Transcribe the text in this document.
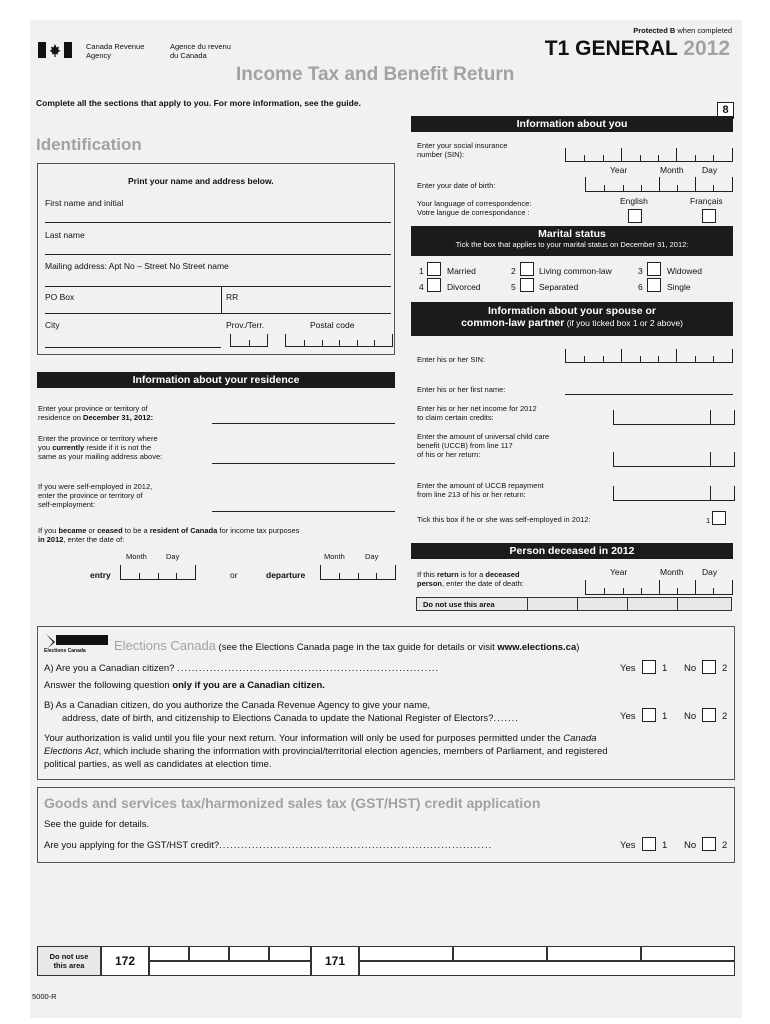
Protected B when completed
Canada Revenue
Agency
Agence du revenu
du Canada	T1 GENERAL 2012
Income Tax and Benefit Return
Complete all the sections that apply to you. For more information, see the guide.
8
Identification
Print your name and address below.
First name and initial
Last name
Mailing address: Apt No – Street No Street name
PO Box	RR
City	Prov./Terr.	Postal code
Information about your residence
Enter your province or territory of
residence on December 31, 2012:
Enter the province or territory where
you currently reside if it is not the
same as your mailing address above:
If you were self-employed in 2012,
enter the province or territory of
self-employment:
If you became or ceased to be a resident of Canada for income tax purposes
in 2012, enter the date of:
Month	Day	Month	Day
entry	or	departure
Information about you
Enter your social insurance
number (SIN):
Year	Month Day
Enter your date of birth:
English	Français
Your language of correspondence:
Votre langue de correspondance :
Marital status
Tick the box that applies to your marital status on December 31, 2012:
1	Married	2	Living common-law	3	Widowed
4	Divorced	5	Separated	6	Single
Information about your spouse or
common-law partner (if you ticked box 1 or 2 above)
Enter his or her SIN:
Enter his or her first name:
Enter his or her net income for 2012
to claim certain credits:
Enter the amount of universal child care
benefit (UCCB) from line 117
of his or her return:
Enter the amount of UCCB repayment
from line 213 of his or her return:
Tick this box if he or she was self-employed in 2012:	1
Person deceased in 2012
Year	Month Day
If this return is for a deceased
person, enter the date of death:
Do not use this area
Elections Canada Elections Canada (see the Elections Canada page in the tax guide for details or visit www.elections.ca)
A) Are you a Canadian citizen? ........................................................................	Yes	1 No	2
Answer the following question only if you are a Canadian citizen.
B) As a Canadian citizen, do you authorize the Canada Revenue Agency to give your name,
address, date of birth, and citizenship to Elections Canada to update the National Register of Electors?.......	Yes	1 No	2
Your authorization is valid until you file your next return. Your information will only be used for purposes permitted under the Canada
Elections Act, which include sharing the information with provincial/territorial election agencies, members of Parliament, and registered
political parties, as well as candidates at election time.
Goods and services tax/harmonized sales tax (GST/HST) credit application
See the guide for details.
Are you applying for the GST/HST credit?...........................................................................	Yes	1 No	2
Do not use
this area	172	171
5000-R
